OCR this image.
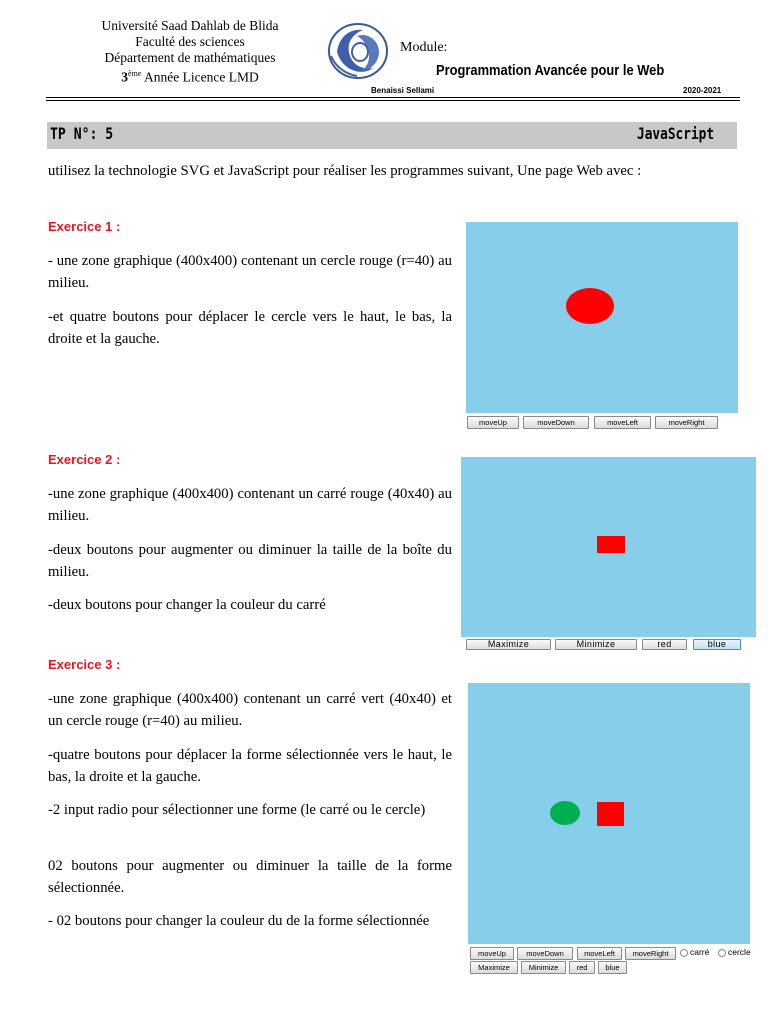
Université Saad Dahlab de Blida
Faculté des sciences
Département de mathématiques
3ème Année Licence LMD
Module:
Programmation Avancée pour le Web
Benaissi Sellami	2020-2021
TP N°: 5	JavaScript
utilisez la technologie SVG et JavaScript pour réaliser les programmes suivant, Une page Web avec :
Exercice 1 :
- une zone graphique (400x400) contenant un cercle rouge (r=40) au milieu.
-et quatre boutons pour déplacer le cercle vers le haut, le bas, la droite et la gauche.
moveUp	moveDown	moveLeft	moveRight
Exercice 2 :
-une zone graphique (400x400) contenant un carré rouge (40x40) au milieu.
-deux boutons pour augmenter ou diminuer la taille de la boîte du milieu.
-deux boutons pour changer la couleur du carré
Maximize	Minimize	red	blue
Exercice 3 :
-une zone graphique (400x400) contenant un carré vert (40x40) et un cercle rouge (r=40) au milieu.
-quatre boutons pour déplacer la forme sélectionnée vers le haut, le bas, la droite et la gauche.
-2 input radio pour sélectionner une forme (le carré ou le cercle)
02 boutons pour augmenter ou diminuer la taille de la forme sélectionnée.
- 02 boutons pour changer la couleur du de la forme sélectionnée
moveUp	moveDown	moveLeft	moveRight	carré	cercle
Maximize	Minimize	red	blue
